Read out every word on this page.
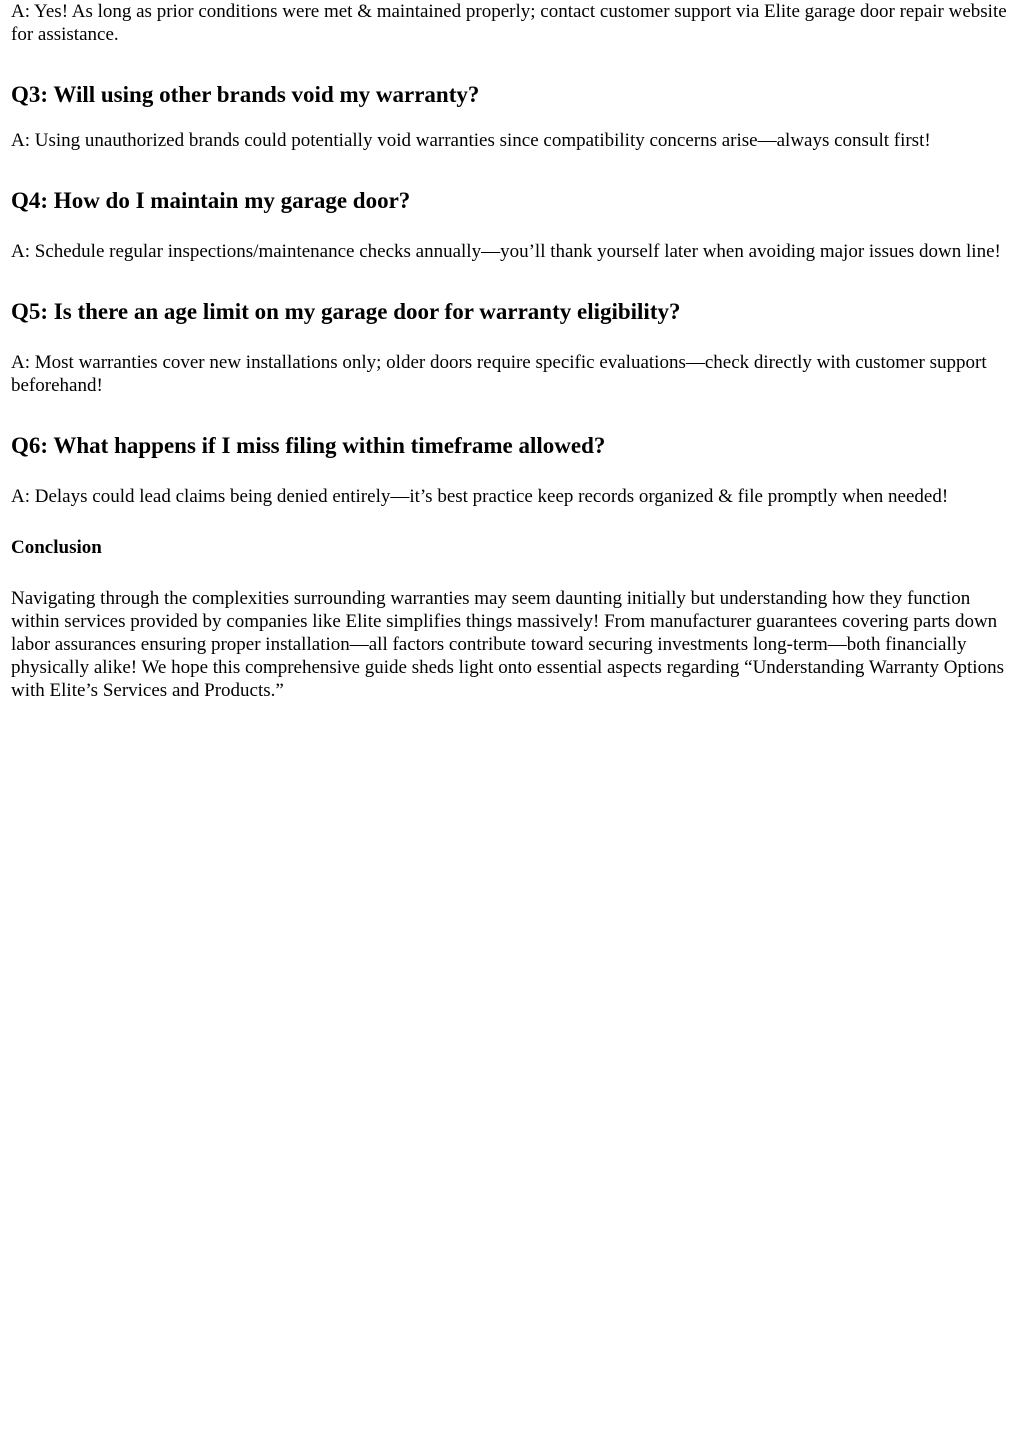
A: Yes! As long as prior conditions were met & maintained properly; contact customer support via Elite garage door repair website for assistance.

Q3: Will using other brands void my warranty?

A: Using unauthorized brands could potentially void warranties since compatibility concerns arise—always consult first!

Q4: How do I maintain my garage door?

A: Schedule regular inspections/maintenance checks annually—you’ll thank yourself later when avoiding major issues down line!

Q5: Is there an age limit on my garage door for warranty eligibility?

A: Most warranties cover new installations only; older doors require specific evaluations—check directly with customer support beforehand!

Q6: What happens if I miss filing within timeframe allowed?

A: Delays could lead claims being denied entirely—it’s best practice keep records organized & file promptly when needed!

Conclusion

Navigating through the complexities surrounding warranties may seem daunting initially but understanding how they function within services provided by companies like Elite simplifies things massively! From manufacturer guarantees covering parts down labor assurances ensuring proper installation—all factors contribute toward securing investments long-term—both financially physically alike! We hope this comprehensive guide sheds light onto essential aspects regarding “Understanding Warranty Options with Elite’s Services and Products.”
